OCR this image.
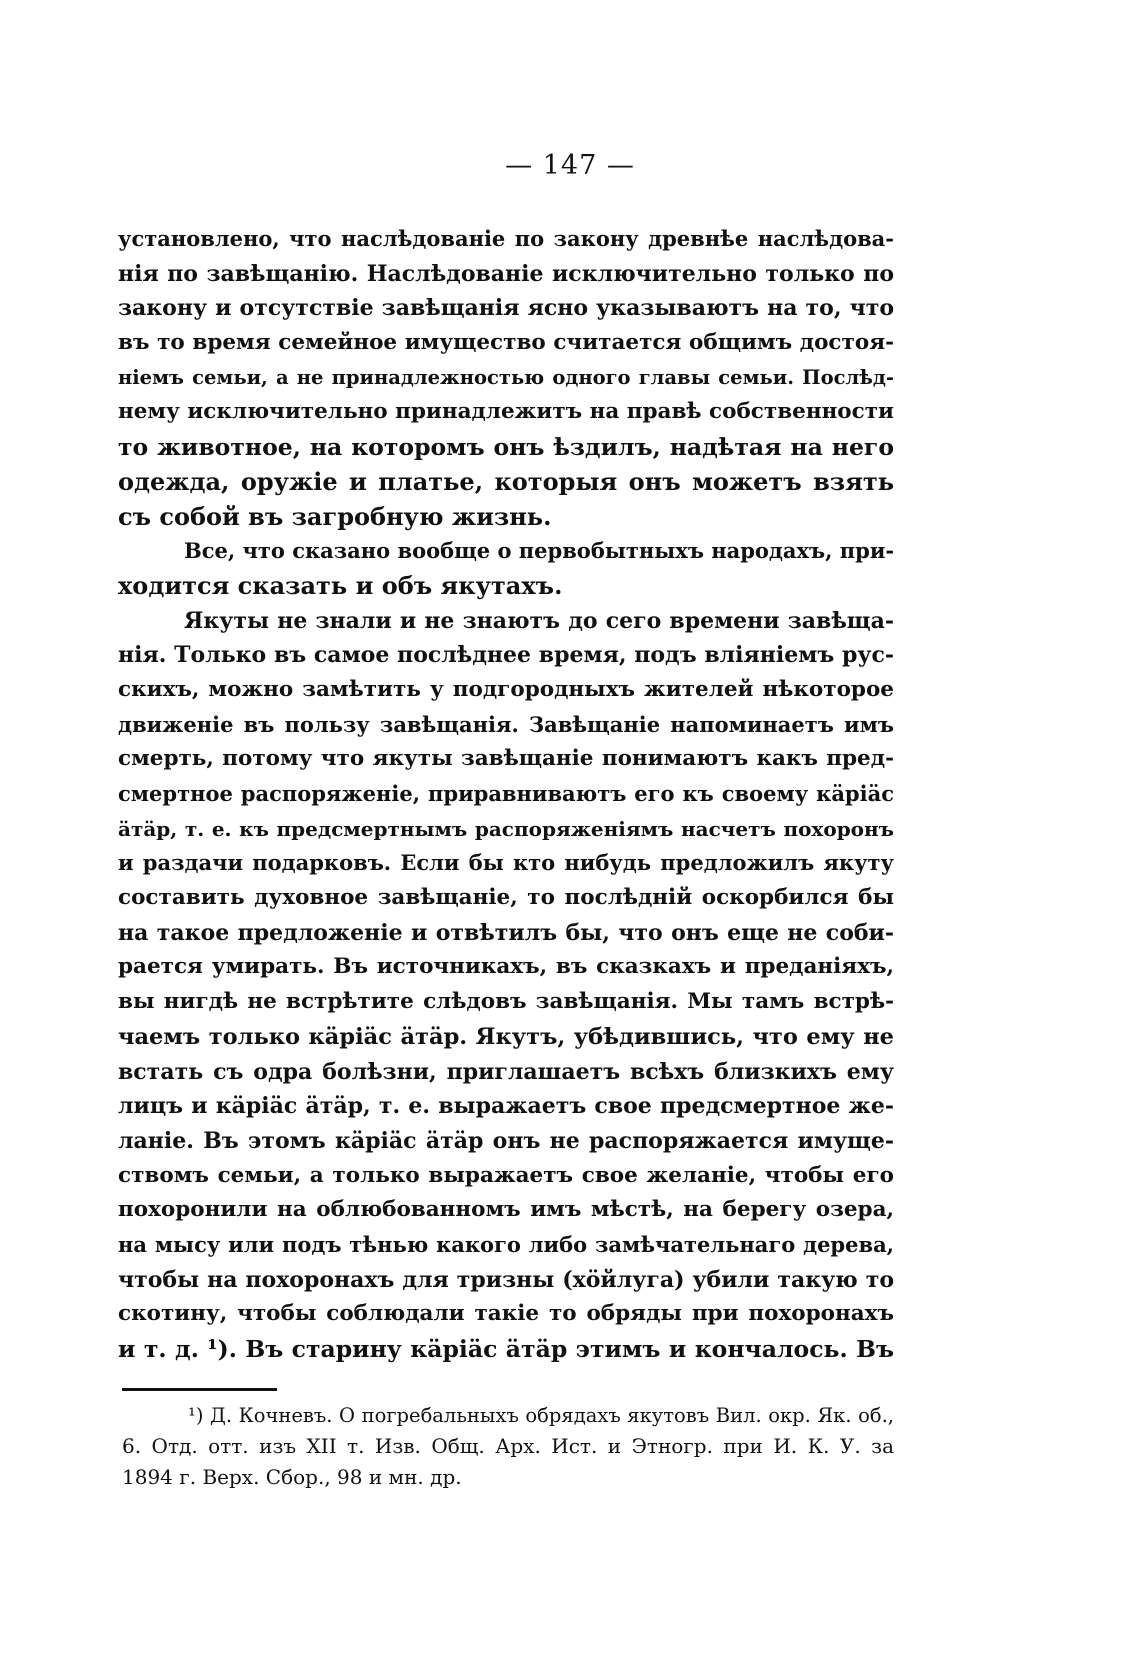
— 147 —
установлено, что наслѣдованіе по закону древнѣе наслѣдова-
нія по завѣщанію. Наслѣдованіе исключительно только по
закону и отсутствіе завѣщанія ясно указываютъ на то, что
въ то время семейное имущество считается общимъ достоя-
ніемъ семьи, а не принадлежностью одного главы семьи. Послѣд-
нему исключительно принадлежитъ на правѣ собственности
то животное, на которомъ онъ ѣздилъ, надѣтая на него
одежда, оружіе и платье, которыя онъ можетъ взять
съ собой въ загробную жизнь.
Все, что сказано вообще о первобытныхъ народахъ, при-
ходится сказать и объ якутахъ.
Якуты не знали и не знаютъ до сего времени завѣща-
нія. Только въ самое послѣднее время, подъ вліяніемъ рус-
скихъ, можно замѣтить у подгородныхъ жителей нѣкоторое
движеніе въ пользу завѣщанія. Завѣщаніе напоминаетъ имъ
смерть, потому что якуты завѣщаніе понимаютъ какъ пред-
смертное распоряженіе, приравниваютъ его къ своему кӓріӓс
ӓтӓр, т. е. къ предсмертнымъ распоряженіямъ насчетъ похоронъ
и раздачи подарковъ. Если бы кто нибудь предложилъ якуту
составить духовное завѣщаніе, то послѣдній оскорбился бы
на такое предложеніе и отвѣтилъ бы, что онъ еще не соби-
рается умирать. Въ источникахъ, въ сказкахъ и преданіяхъ,
вы нигдѣ не встрѣтите слѣдовъ завѣщанія. Мы тамъ встрѣ-
чаемъ только кӓріӓс ӓтӓр. Якутъ, убѣдившись, что ему не
встать съ одра болѣзни, приглашаетъ всѣхъ близкихъ ему
лицъ и кӓріӓс ӓтӓр, т. е. выражаетъ свое предсмертное же-
ланіе. Въ этомъ кӓріӓс ӓтӓр онъ не распоряжается имуще-
ствомъ семьи, а только выражаетъ свое желаніе, чтобы его
похоронили на облюбованномъ имъ мѣстѣ, на берегу озера,
на мысу или подъ тѣнью какого либо замѣчательнаго дерева,
чтобы на похоронахъ для тризны (хӧйлуга) убили такую то
скотину, чтобы соблюдали такіе то обряды при похоронахъ
и т. д. ¹). Въ старину кӓріӓс ӓтӓр этимъ и кончалось. Въ
¹) Д. Кочневъ. О погребальныхъ обрядахъ якутовъ Вил. окр. Як. об.,
6. Отд. отт. изъ XII т. Изв. Общ. Арх. Ист. и Этногр. при И. К. У. за
1894 г. Верх. Сбор., 98 и мн. др.
